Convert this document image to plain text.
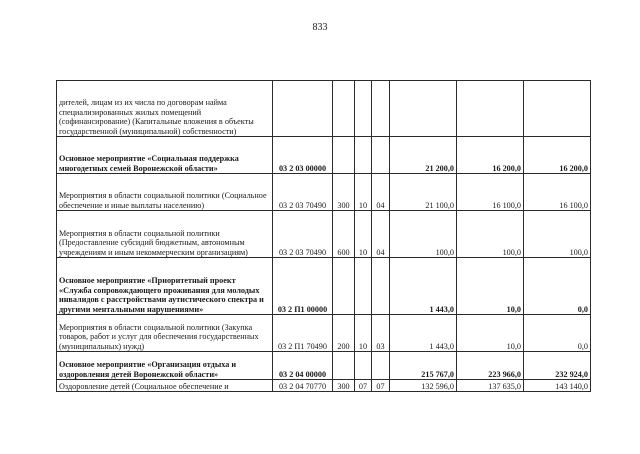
833
дителей, лицам из их числа по договорам найма специализированных жилых помещений (софинансирование) (Капитальные вложения в объекты государственной (муниципальной) собственности)							
Основное мероприятие «Социальная поддержка многодетных семей Воронежской области»	03 2 03 00000				21 200,0	16 200,0	16 200,0
Мероприятия в области социальной политики (Социальное обеспечение и иные выплаты населению)	03 2 03 70490	300	10	04	21 100,0	16 100,0	16 100,0
Мероприятия в области социальной политики (Предоставление субсидий бюджетным, автономным учреждениям и иным некоммерческим организациям)	03 2 03 70490	600	10	04	100,0	100,0	100,0
Основное мероприятие «Приоритетный проект «Служба сопровождающего проживания для молодых инвалидов с расстройствами аутистического спектра и другими ментальными нарушениями»	03 2 П1 00000				1 443,0	10,0	0,0
Мероприятия в области социальной политики (Закупка товаров, работ и услуг для обеспечения государственных (муниципальных) нужд)	03 2 П1 70490	200	10	03	1 443,0	10,0	0,0
Основное мероприятие «Организация отдыха и оздоровления детей Воронежской области»	03 2 04 00000				215 767,0	223 966,0	232 924,0
Оздоровление детей (Социальное обеспечение и	03 2 04 70770	300	07	07	132 596,0	137 635,0	143 140,0
